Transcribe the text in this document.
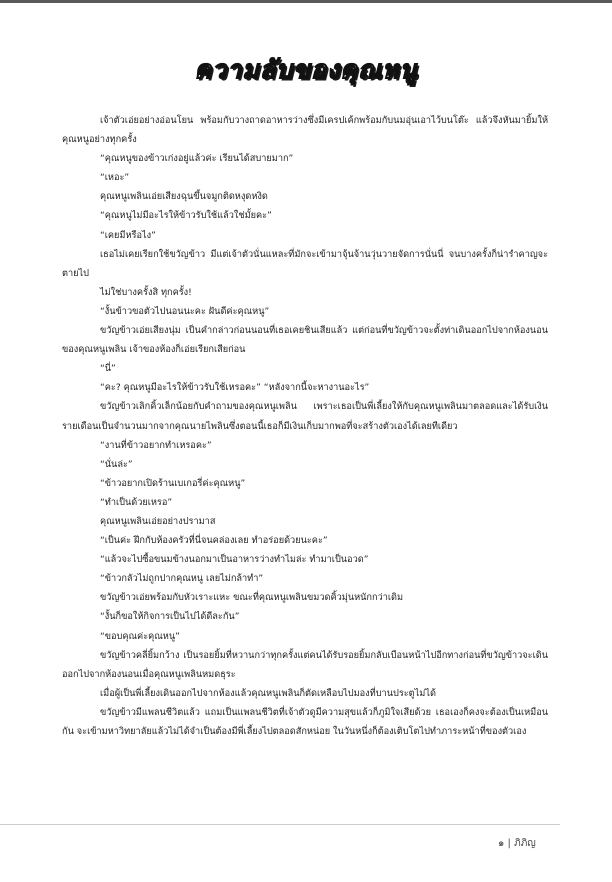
ความลับของคุณหนู

เจ้าตัวเอ่ยอย่างอ่อนโยน พร้อมกับวางถาดอาหารว่างซึ่งมีเครปเค้กพร้อมกับนมอุ่นเอาไว้บนโต๊ะ แล้วจึงหันมายิ้มให้คุณหนูอย่างทุกครั้ง

“คุณหนูของข้าวเก่งอยู่แล้วค่ะ เรียนได้สบายมาก”

“เหอะ”

คุณหนูเพลินเอ่ยเสียงฉุนขึ้นจมูกติดหงุดหงิด

“คุณหนูไม่มีอะไรให้ข้าวรับใช้แล้วใช่มั้ยคะ”

“เคยมีหรือไง”

เธอไม่เคยเรียกใช้ขวัญข้าว มีแต่เจ้าตัวนั่นแหละที่มักจะเข้ามาจุ้นจ้านวุ่นวายจัดการนั่นนี่ จนบางครั้งก็น่ารำคาญจะตายไป

ไม่ใช่บางครั้งสิ ทุกครั้ง!

“งั้นข้าวขอตัวไปนอนนะคะ ฝันดีค่ะคุณหนู”

ขวัญข้าวเอ่ยเสียงนุ่ม เป็นคำกล่าวก่อนนอนที่เธอเคยชินเสียแล้ว แต่ก่อนที่ขวัญข้าวจะตั้งท่าเดินออกไปจากห้องนอนของคุณหนูเพลิน เจ้าของห้องก็เอ่ยเรียกเสียก่อน

“นี่”

“คะ? คุณหนูมีอะไรให้ข้าวรับใช้เหรอคะ” “หลังจากนี้จะหางานอะไร”

ขวัญข้าวเลิกคิ้วเล็กน้อยกับคำถามของคุณหนูเพลิน เพราะเธอเป็นพี่เลี้ยงให้กับคุณหนูเพลินมาตลอดและได้รับเงินรายเดือนเป็นจำนวนมากจากคุณนายไพลินซึ่งตอนนี้เธอก็มีเงินเก็บมากพอที่จะสร้างตัวเองได้เลยทีเดียว

“งานที่ข้าวอยากทำเหรอคะ”

“นั่นล่ะ”

“ข้าวอยากเปิดร้านเบเกอรี่ค่ะคุณหนู”

“ทำเป็นด้วยเหรอ”

คุณหนูเพลินเอ่ยอย่างปรามาส

“เป็นค่ะ ฝึกกับห้องครัวที่นี่จนคล่องเลย ทำอร่อยด้วยนะคะ”

“แล้วจะไปซื้อขนมข้างนอกมาเป็นอาหารว่างทำไมล่ะ ทำมาเป็นอวด”

“ข้าวกลัวไม่ถูกปากคุณหนู เลยไม่กล้าทำ”

ขวัญข้าวเอ่ยพร้อมกับหัวเราะแหะ ขณะที่คุณหนูเพลินขมวดคิ้วมุ่นหนักกว่าเดิม

“งั้นก็ขอให้กิจการเป็นไปได้ดีละกัน”

“ขอบคุณค่ะคุณหนู”

ขวัญข้าวคลี่ยิ้มกว้าง เป็นรอยยิ้มที่หวานกว่าทุกครั้งแต่คนได้รับรอยยิ้มกลับเบือนหน้าไปอีกทางก่อนที่ขวัญข้าวจะเดินออกไปจากห้องนอนเมื่อคุณหนูเพลินหมดธุระ

เมื่อผู้เป็นพี่เลี้ยงเดินออกไปจากห้องแล้วคุณหนูเพลินก็ตัดเหลือบไปมองที่บานประตูไม่ได้

ขวัญข้าวมีแพลนชีวิตแล้ว แถมเป็นแพลนชีวิตที่เจ้าตัวดูมีความสุขแล้วก็ภูมิใจเสียด้วย เธอเองก็คงจะต้องเป็นเหมือนกัน จะเข้ามหาวิทยาลัยแล้วไม่ได้จำเป็นต้องมีพี่เลี้ยงไปตลอดสักหน่อย ในวันหนึ่งก็ต้องเติบโตไปทำภาระหน้าที่ของตัวเอง

๑ | ภิภิญ
